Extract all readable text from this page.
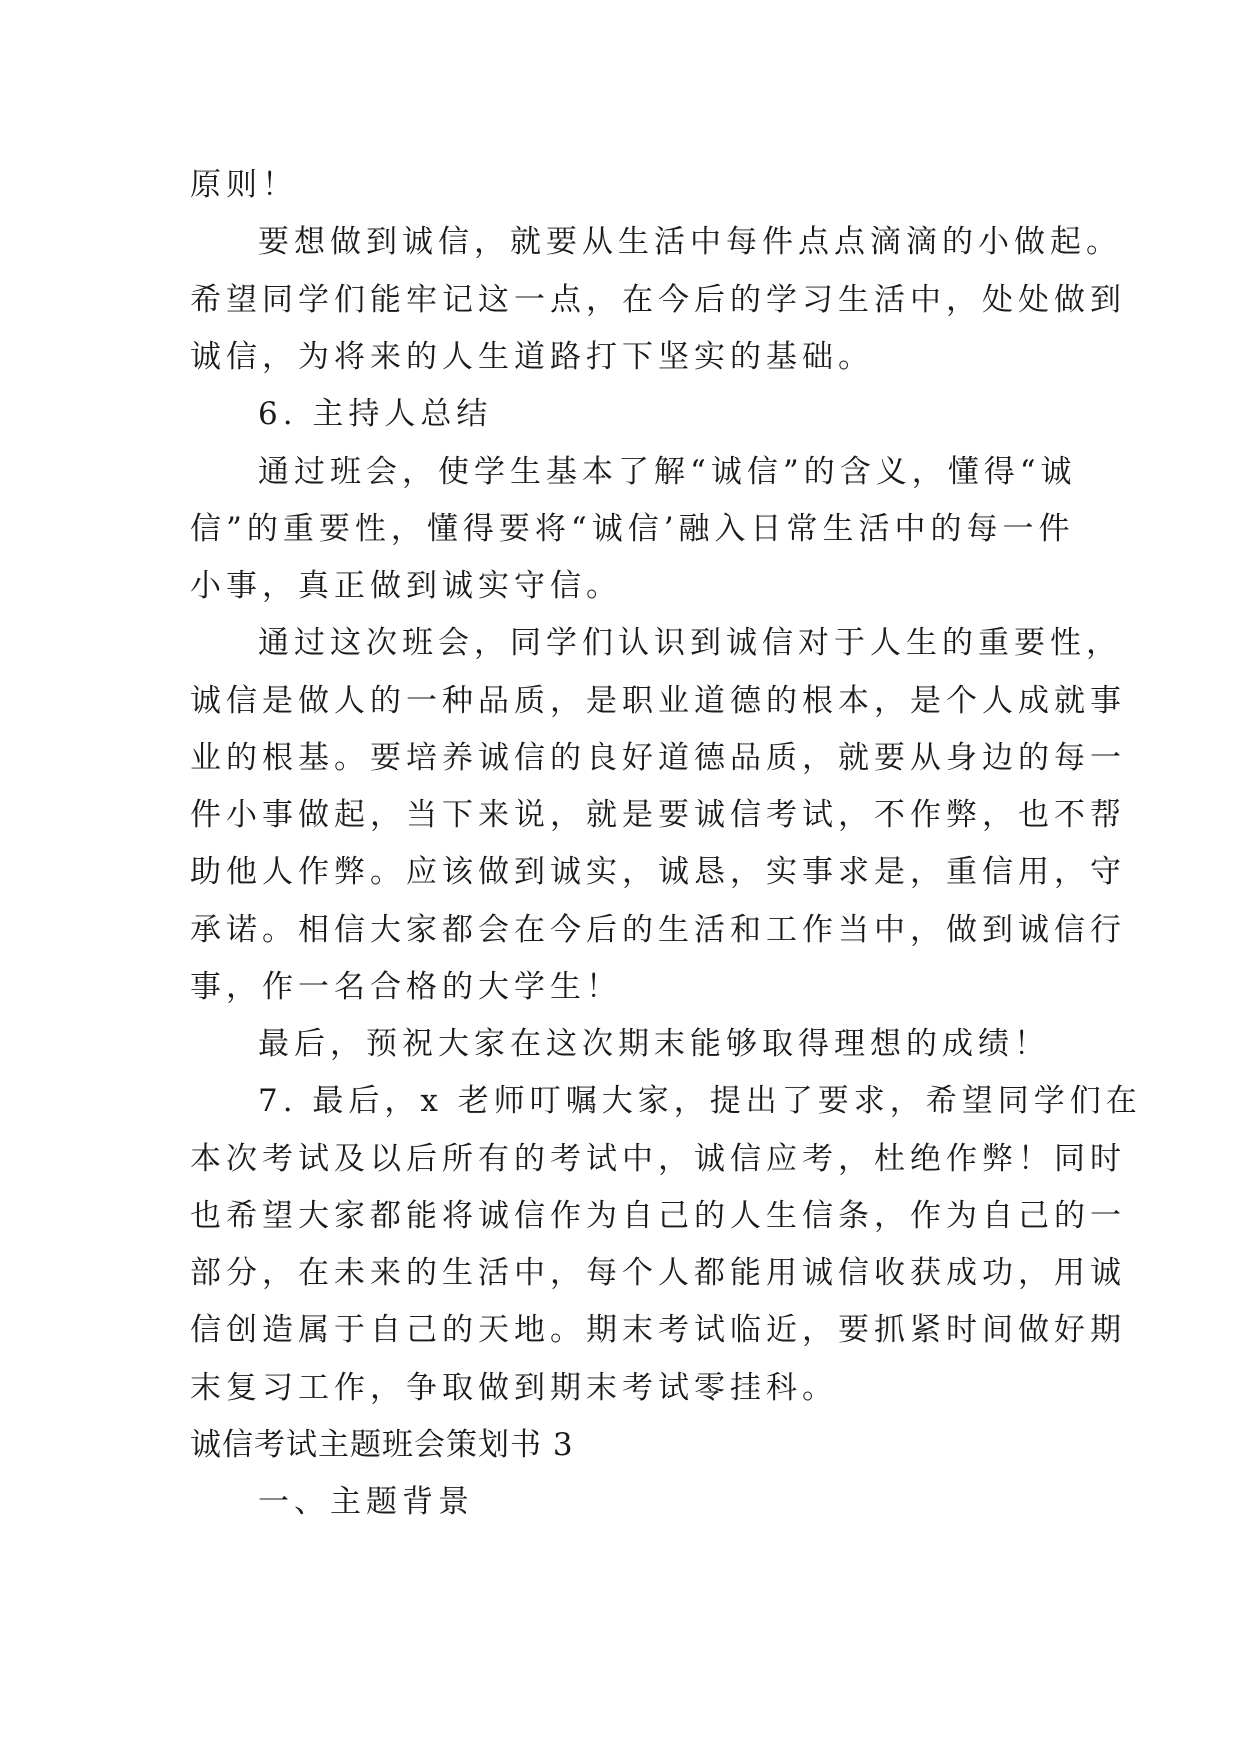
原则！
要想做到诚信，就要从生活中每件点点滴滴的小做起。
希望同学们能牢记这一点，在今后的学习生活中，处处做到
诚信，为将来的人生道路打下坚实的基础。
6. 主持人总结
通过班会，使学生基本了解“诚信”的含义，懂得“诚
信”的重要性，懂得要将“诚信’融入日常生活中的每一件
小事，真正做到诚实守信。
通过这次班会，同学们认识到诚信对于人生的重要性，
诚信是做人的一种品质，是职业道德的根本，是个人成就事
业的根基。要培养诚信的良好道德品质，就要从身边的每一
件小事做起，当下来说，就是要诚信考试，不作弊，也不帮
助他人作弊。应该做到诚实，诚恳，实事求是，重信用，守
承诺。相信大家都会在今后的生活和工作当中，做到诚信行
事，作一名合格的大学生！
最后，预祝大家在这次期末能够取得理想的成绩！
7. 最后，x 老师叮嘱大家，提出了要求，希望同学们在
本次考试及以后所有的考试中，诚信应考，杜绝作弊！同时
也希望大家都能将诚信作为自己的人生信条，作为自己的一
部分，在未来的生活中，每个人都能用诚信收获成功，用诚
信创造属于自己的天地。期末考试临近，要抓紧时间做好期
末复习工作，争取做到期末考试零挂科。
诚信考试主题班会策划书 3
一、主题背景
